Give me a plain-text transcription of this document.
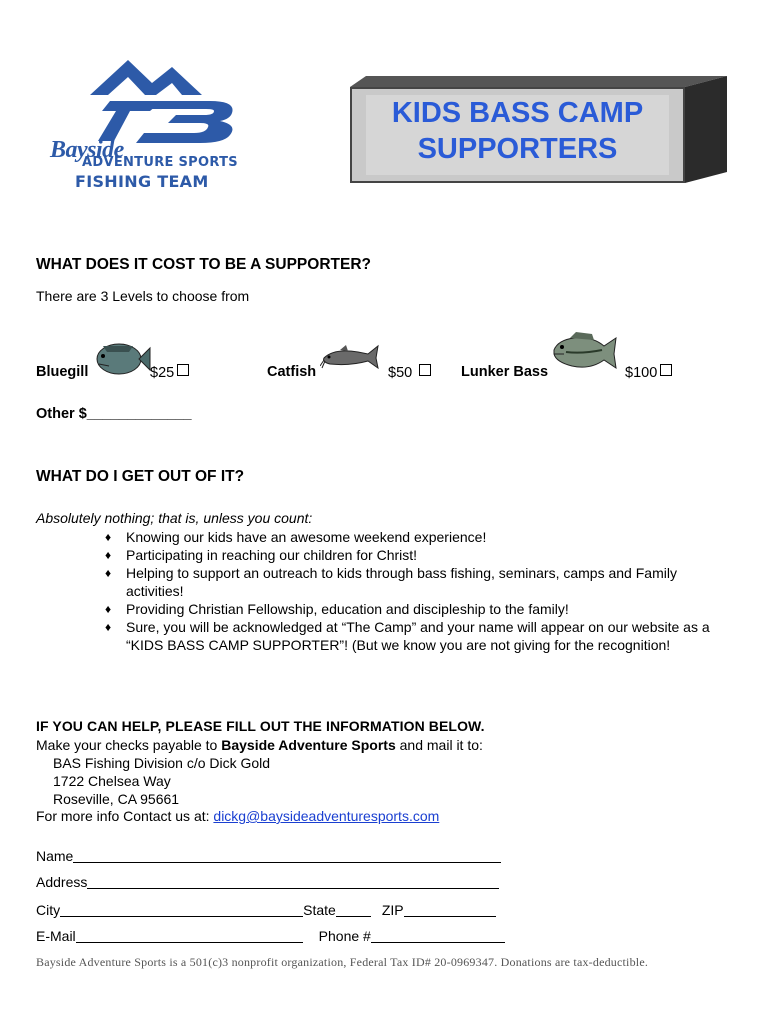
Bayside
ADVENTURE SPORTS
FISHING TEAM
KIDS BASS CAMP
SUPPORTERS
WHAT DOES IT COST TO BE A SUPPORTER?
There are 3 Levels to choose from
Bluegill	$25	Catfish	$50	Lunker Bass	$100
Other $_____________
WHAT DO I GET OUT OF IT?
Absolutely nothing; that is, unless you count:
♦ Knowing our kids have an awesome weekend experience!
♦ Participating in reaching our children for Christ!
♦ Helping to support an outreach to kids through bass fishing, seminars, camps and Family activities!
♦ Providing Christian Fellowship, education and discipleship to the family!
♦ Sure, you will be acknowledged at “The Camp” and your name will appear on our website as a “KIDS BASS CAMP SUPPORTER”! (But we know you are not giving for the recognition!
IF YOU CAN HELP, PLEASE FILL OUT THE INFORMATION BELOW.
Make your checks payable to Bayside Adventure Sports and mail it to:
BAS Fishing Division c/o Dick Gold
1722 Chelsea Way
Roseville, CA 95661
For more info Contact us at: dickg@baysideadventuresports.com
Name
Address
City	State	ZIP
E-Mail	Phone #
Bayside Adventure Sports is a 501(c)3 nonprofit organization, Federal Tax ID# 20-0969347. Donations are tax-deductible.
